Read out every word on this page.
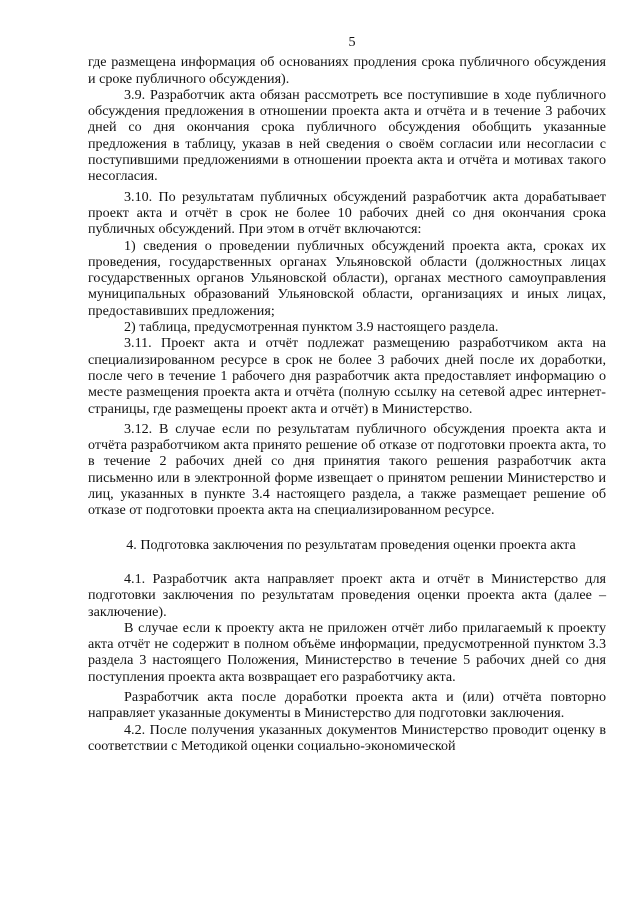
5

где размещена информация об основаниях продления срока публичного обсуждения и сроке публичного обсуждения).

3.9. Разработчик акта обязан рассмотреть все поступившие в ходе публичного обсуждения предложения в отношении проекта акта и отчёта и в течение 3 рабочих дней со дня окончания срока публичного обсуждения обобщить указанные предложения в таблицу, указав в ней сведения о своём согласии или несогласии с поступившими предложениями в отношении проекта акта и отчёта и мотивах такого несогласия.

3.10. По результатам публичных обсуждений разработчик акта дорабатывает проект акта и отчёт в срок не более 10 рабочих дней со дня окончания срока публичных обсуждений. При этом в отчёт включаются:

1) сведения о проведении публичных обсуждений проекта акта, сроках их проведения, государственных органах Ульяновской области (должностных лицах государственных органов Ульяновской области), органах местного самоуправления муниципальных образований Ульяновской области, организациях и иных лицах, предоставивших предложения;

2) таблица, предусмотренная пунктом 3.9 настоящего раздела.

3.11. Проект акта и отчёт подлежат размещению разработчиком акта на специализированном ресурсе в срок не более 3 рабочих дней после их доработки, после чего в течение 1 рабочего дня разработчик акта предоставляет информацию о месте размещения проекта акта и отчёта (полную ссылку на сетевой адрес интернет-страницы, где размещены проект акта и отчёт) в Министерство.

3.12. В случае если по результатам публичного обсуждения проекта акта и отчёта разработчиком акта принято решение об отказе от подготовки проекта акта, то в течение 2 рабочих дней со дня принятия такого решения разработчик акта письменно или в электронной форме извещает о принятом решении Министерство и лиц, указанных в пункте 3.4 настоящего раздела, а также размещает решение об отказе от подготовки проекта акта на специализированном ресурсе.

4. Подготовка заключения по результатам проведения оценки проекта акта

4.1. Разработчик акта направляет проект акта и отчёт в Министерство для подготовки заключения по результатам проведения оценки проекта акта (далее – заключение).

В случае если к проекту акта не приложен отчёт либо прилагаемый к проекту акта отчёт не содержит в полном объёме информации, предусмотренной пунктом 3.3 раздела 3 настоящего Положения, Министерство в течение 5 рабочих дней со дня поступления проекта акта возвращает его разработчику акта.

Разработчик акта после доработки проекта акта и (или) отчёта повторно направляет указанные документы в Министерство для подготовки заключения.

4.2. После получения указанных документов Министерство проводит оценку в соответствии с Методикой оценки социально-экономической
